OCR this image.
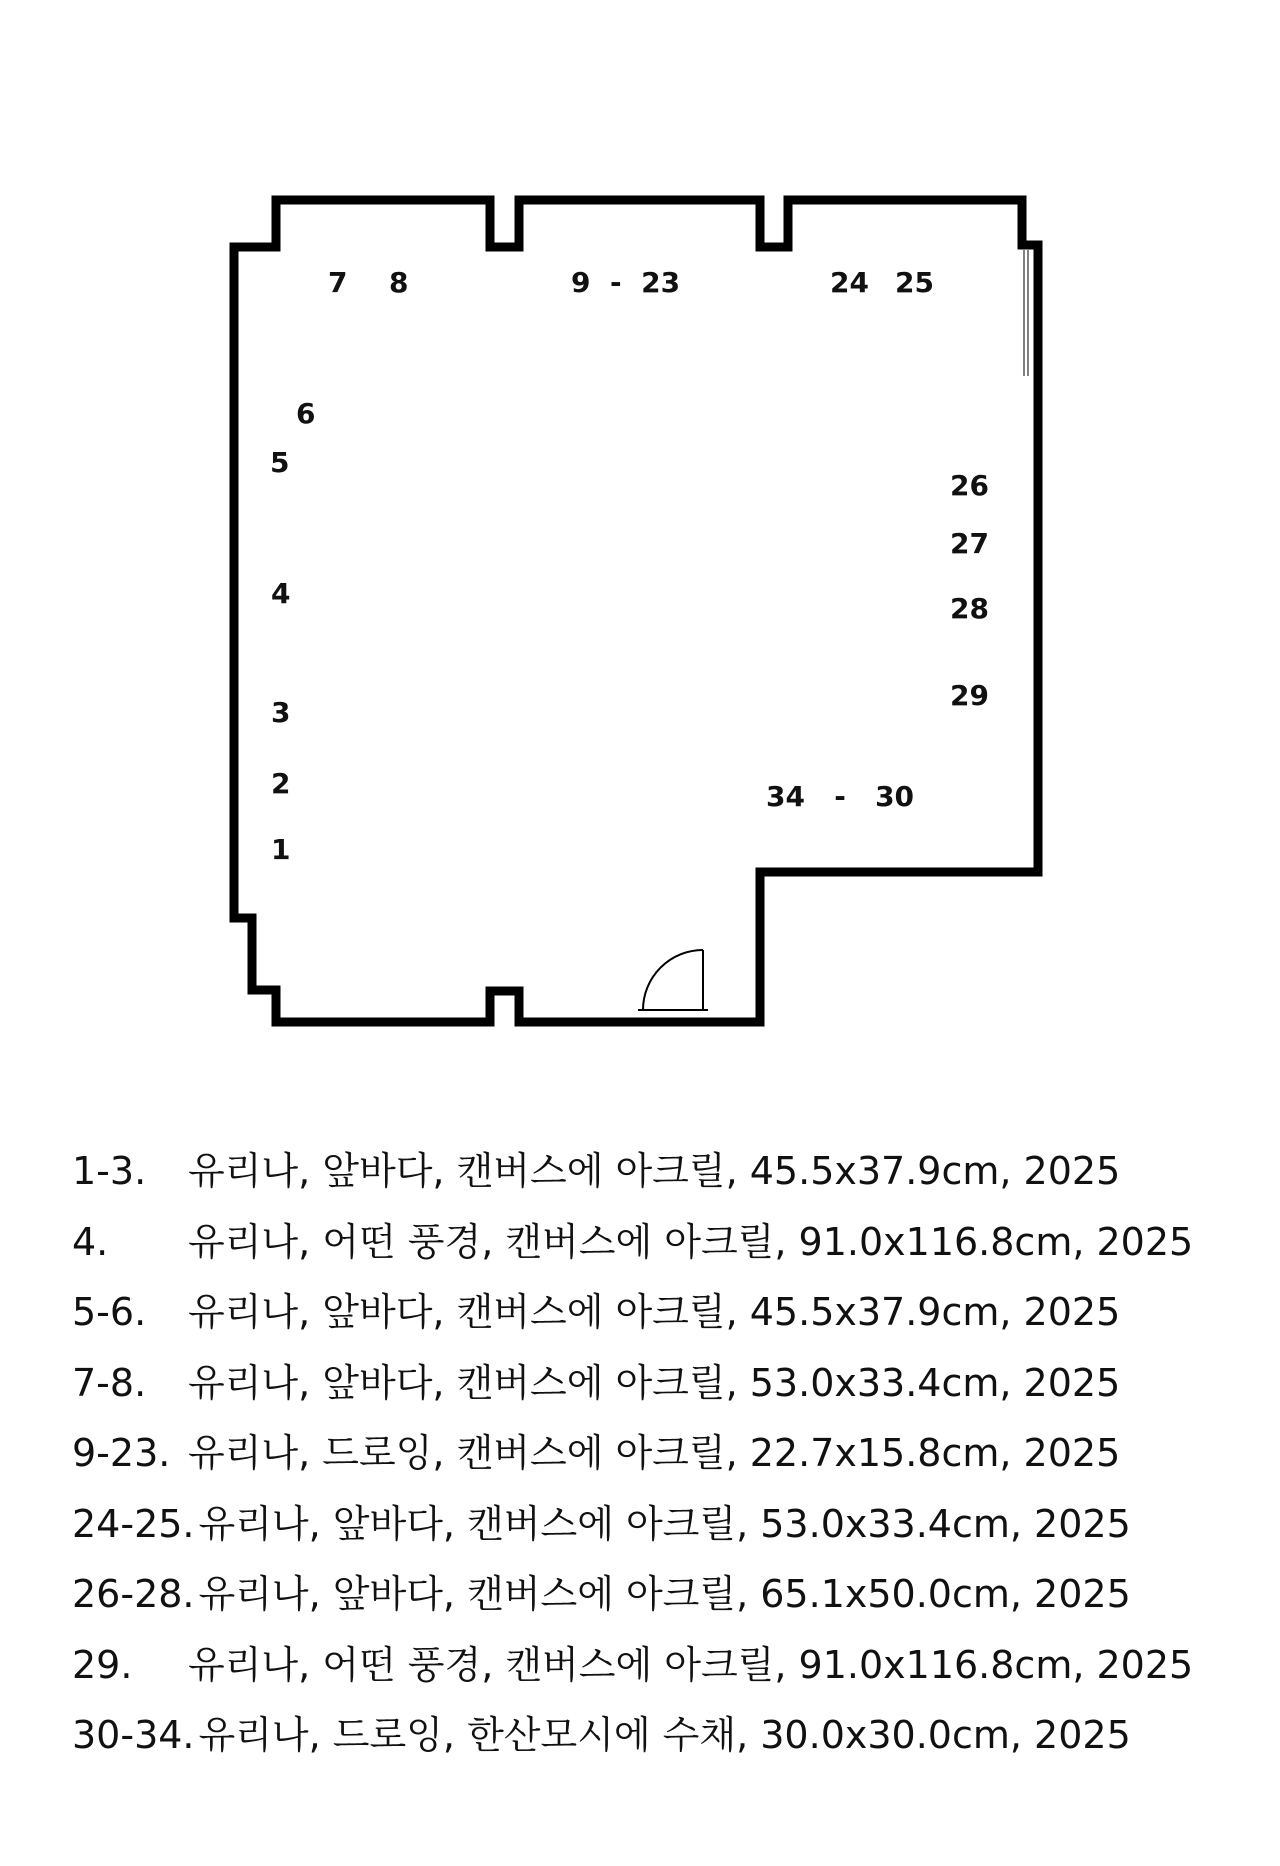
7 8	9  -  23	24 25
6
5
4
3
2
1
26
27
28
29
34   -   30
1-3.	유리나, 앞바다, 캔버스에 아크릴, 45.5x37.9cm, 2025
4.	유리나, 어떤 풍경, 캔버스에 아크릴, 91.0x116.8cm, 2025
5-6.	유리나, 앞바다, 캔버스에 아크릴, 45.5x37.9cm, 2025
7-8.	유리나, 앞바다, 캔버스에 아크릴, 53.0x33.4cm, 2025
9-23. 유리나, 드로잉, 캔버스에 아크릴, 22.7x15.8cm, 2025
24-25. 유리나, 앞바다, 캔버스에 아크릴, 53.0x33.4cm, 2025
26-28. 유리나, 앞바다, 캔버스에 아크릴, 65.1x50.0cm, 2025
29.	유리나, 어떤 풍경, 캔버스에 아크릴, 91.0x116.8cm, 2025
30-34. 유리나, 드로잉, 한산모시에 수채, 30.0x30.0cm, 2025
